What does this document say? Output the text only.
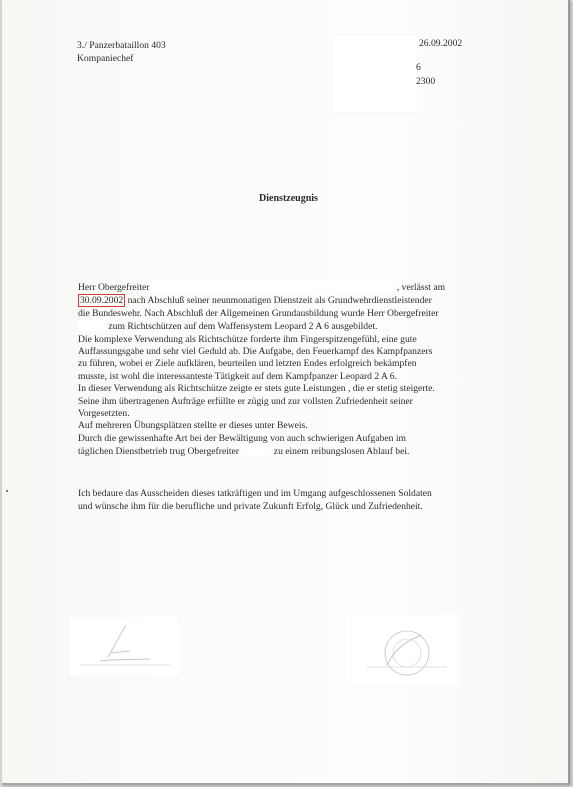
3./ Panzerbataillon 403
Kompaniechef
26.09.2002
6
2300
Dienstzeugnis
Herr Obergefreiter	, verlässt am
30.09.2002 nach Abschluß seiner neunmonatigen Dienstzeit als Grundwehrdienstleistender
die Bundeswehr. Nach Abschluß der Allgemeinen Grundausbildung wurde Herr Obergefreiter
zum Richtschützen auf dem Waffensystem Leopard 2 A 6 ausgebildet.
Die komplexe Verwendung als Richtschütze forderte ihm Fingerspitzengefühl, eine gute
Auffassungsgabe und sehr viel Geduld ab. Die Aufgabe, den Feuerkampf des Kampfpanzers
zu führen, wobei er Ziele aufklären, beurteilen und letzten Endes erfolgreich bekämpfen
musste, ist wohl die interessanteste Tätigkeit auf dem Kampfpanzer Leopard 2 A 6.
In dieser Verwendung als Richtschütze zeigte er stets gute Leistungen , die er stetig steigerte.
Seine ihm übertragenen Aufträge erfüllte er zügig und zur vollsten Zufriedenheit seiner
Vorgesetzten.
Auf mehreren Übungsplätzen stellte er dieses unter Beweis.
Durch die gewissenhafte Art bei der Bewältigung von auch schwierigen Aufgaben im
täglichen Dienstbetrieb trug Obergefreiter	zu einem reibungslosen Ablauf bei.
Ich bedaure das Ausscheiden dieses tatkräftigen und im Umgang aufgeschlossenen Soldaten
und wünsche ihm für die berufliche und private Zukunft Erfolg, Glück und Zufriedenheit.
